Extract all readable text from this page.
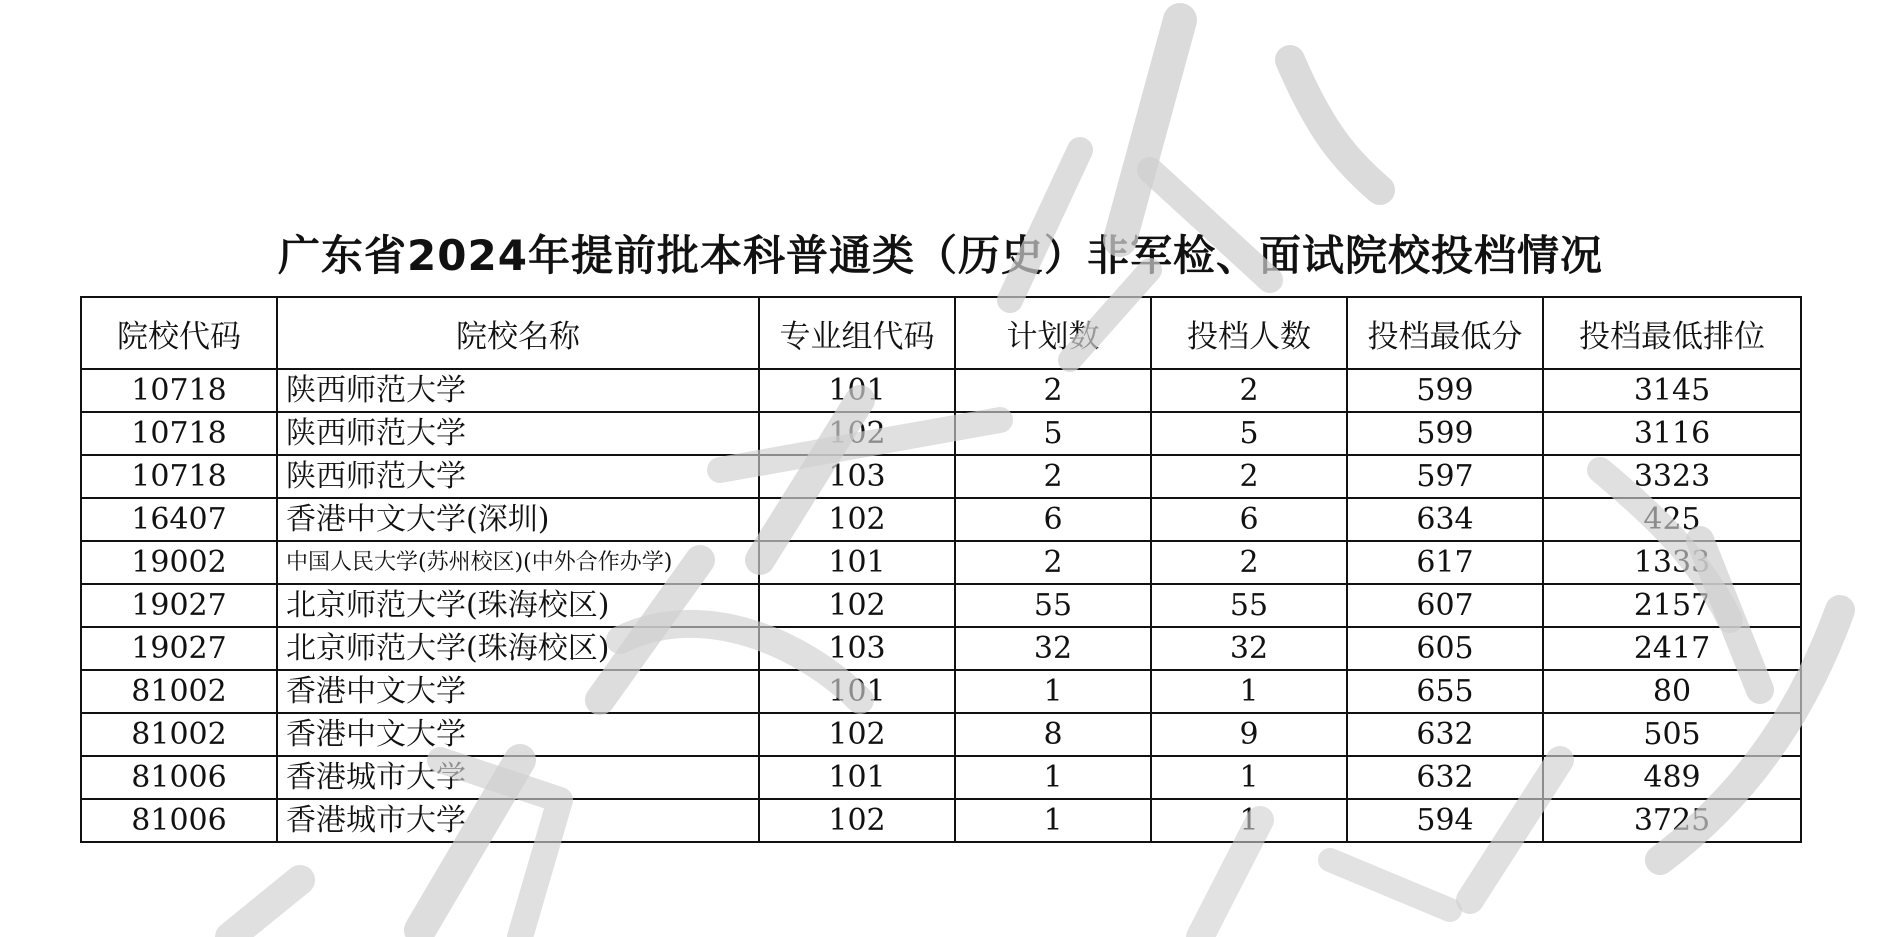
广东省2024年提前批本科普通类（历史）非军检、面试院校投档情况
院校代码	院校名称	专业组代码	计划数	投档人数	投档最低分	投档最低排位
10718	陕西师范大学	101	2	2	599	3145
10718	陕西师范大学	102	5	5	599	3116
10718	陕西师范大学	103	2	2	597	3323
16407	香港中文大学(深圳)	102	6	6	634	425
19002	中国人民大学(苏州校区)(中外合作办学)	101	2	2	617	1333
19027	北京师范大学(珠海校区)	102	55	55	607	2157
19027	北京师范大学(珠海校区)	103	32	32	605	2417
81002	香港中文大学	101	1	1	655	80
81002	香港中文大学	102	8	9	632	505
81006	香港城市大学	101	1	1	632	489
81006	香港城市大学	102	1	1	594	3725
